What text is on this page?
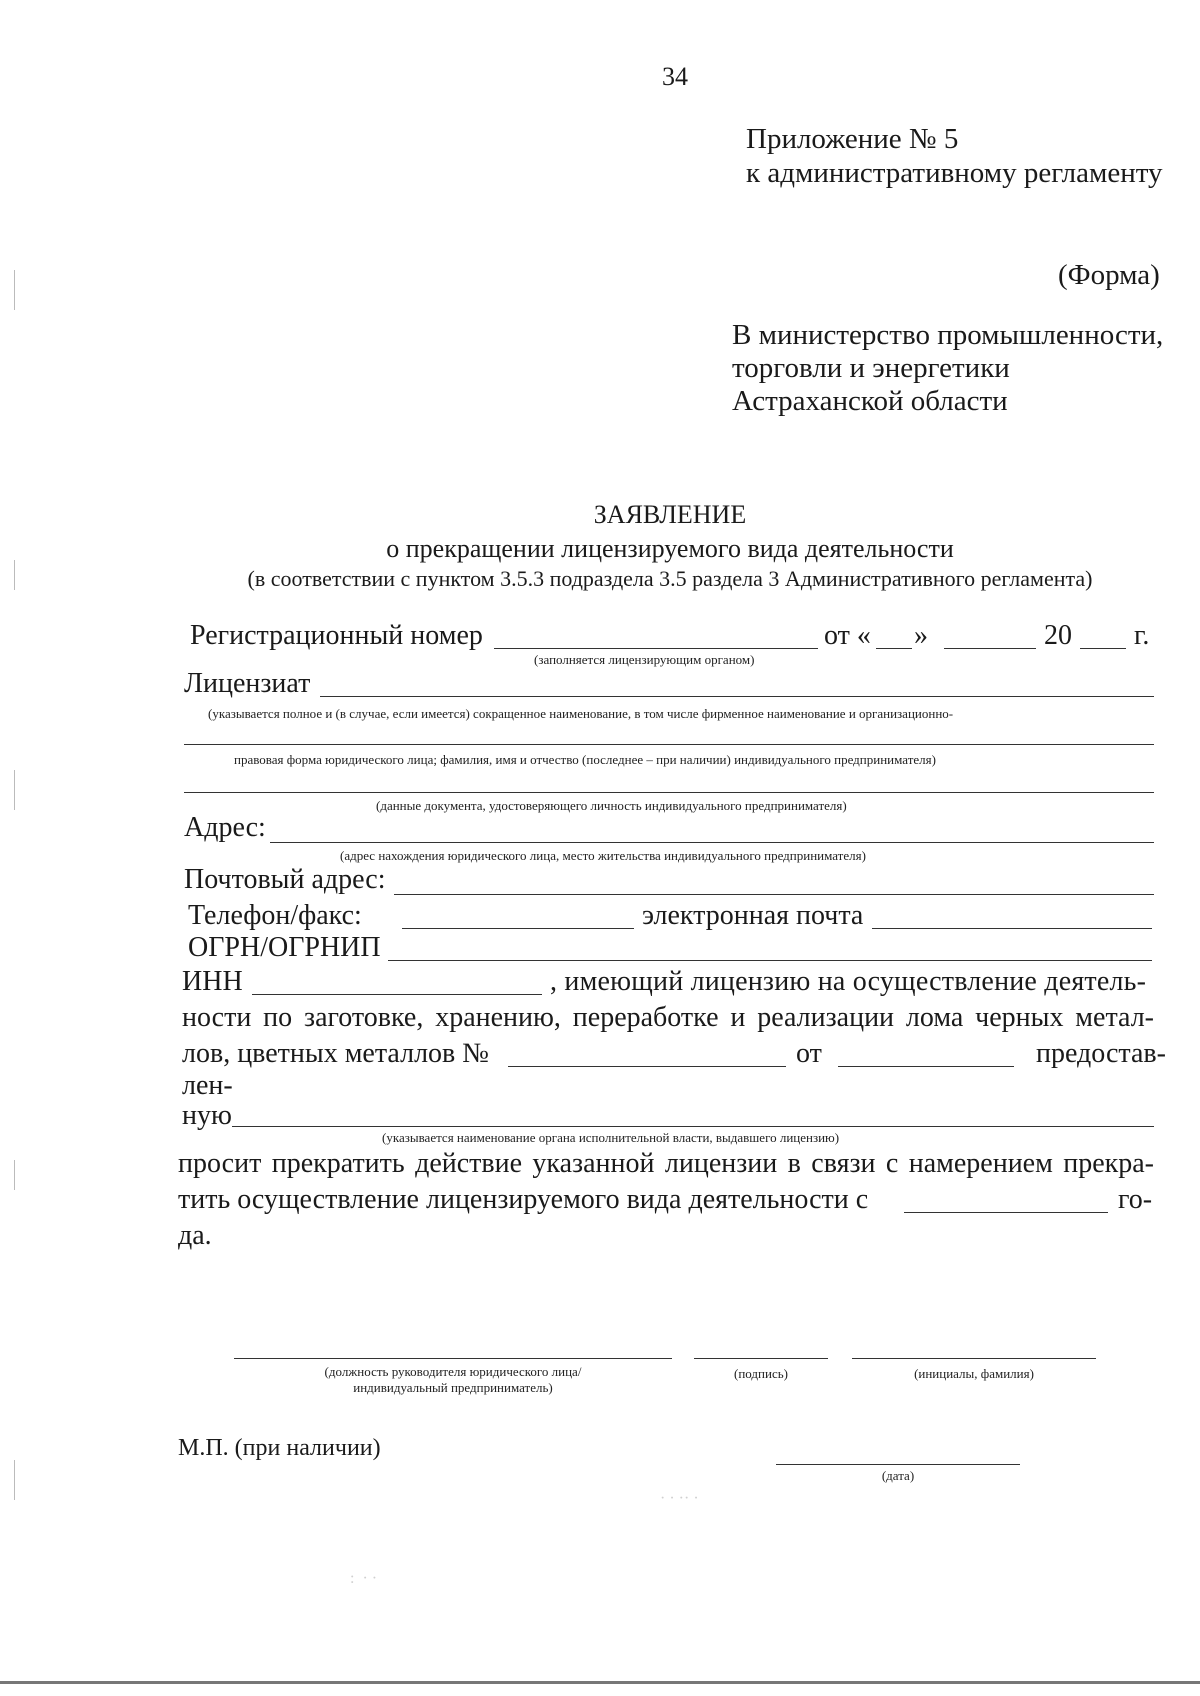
34
Приложение № 5
к административному регламенту
(Форма)
В министерство промышленности,
торговли и энергетики
Астраханской области
ЗАЯВЛЕНИЕ
о прекращении лицензируемого вида деятельности
(в соответствии с пунктом 3.5.3 подраздела 3.5 раздела 3 Административного регламента)
Регистрационный номер	от « »	20 г.
(заполняется лицензирующим органом)
Лицензиат
(указывается полное и (в случае, если имеется) сокращенное наименование, в том числе фирменное наименование и организационно-
правовая форма юридического лица; фамилия, имя и отчество (последнее – при наличии) индивидуального предпринимателя)
(данные документа, удостоверяющего личность индивидуального предпринимателя)
Адрес:
(адрес нахождения юридического лица, место жительства индивидуального предпринимателя)
Почтовый адрес:
Телефон/факс:	электронная почта
ОГРН/ОГРНИП
ИНН	, имеющий лицензию на осуществление деятель-
ности по заготовке, хранению, переработке и реализации лома черных метал-
лов, цветных металлов №	от	предостав-
лен-
ную
(указывается наименование органа исполнительной власти, выдавшего лицензию)
просит прекратить действие указанной лицензии в связи с намерением прекра-
тить осуществление лицензируемого вида деятельности с	го-
да.
(должность руководителя юридического лица/
индивидуальный предприниматель)
(подпись)	(инициалы, фамилия)
М.П. (при наличии)
(дата)
· · ·​· ·
: ​ · ·
